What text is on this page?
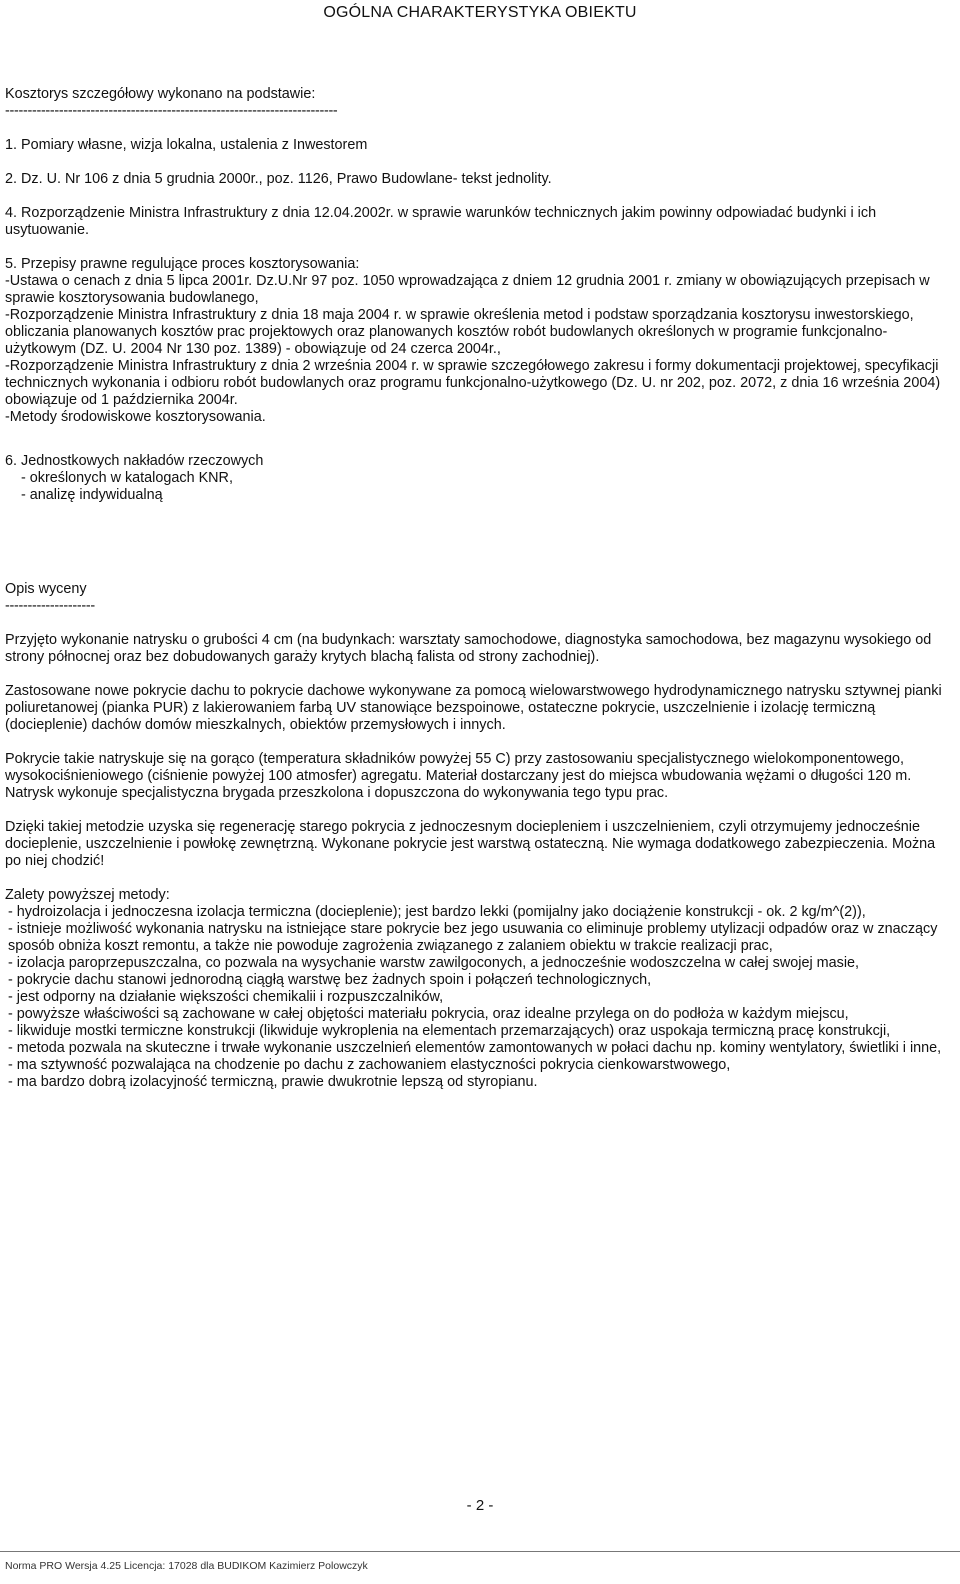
OGÓLNA CHARAKTERYSTYKA OBIEKTU

Kosztorys szczegółowy wykonano na podstawie:

--------------------------------------------------------------------------

1. Pomiary własne, wizja lokalna, ustalenia z Inwestorem

2. Dz. U. Nr 106 z dnia 5 grudnia 2000r., poz. 1126, Prawo Budowlane- tekst jednolity.

4. Rozporządzenie Ministra Infrastruktury z dnia 12.04.2002r. w sprawie warunków technicznych jakim powinny odpowiadać budynki i ich usytuowanie.

5. Przepisy prawne regulujące proces kosztorysowania:

-Ustawa o cenach z dnia 5 lipca 2001r. Dz.U.Nr 97 poz. 1050 wprowadzająca z dniem 12 grudnia 2001 r. zmiany w obowiązujących przepisach w sprawie kosztorysowania budowlanego,

-Rozporządzenie Ministra Infrastruktury z dnia 18 maja 2004 r. w sprawie określenia metod i podstaw sporządzania kosztorysu inwestorskiego, obliczania planowanych kosztów prac projektowych oraz planowanych kosztów robót budowlanych określonych w programie funkcjonalno-użytkowym (DZ. U. 2004 Nr 130 poz. 1389) - obowiązuje od 24 czerca 2004r.,

-Rozporządzenie Ministra Infrastruktury z dnia 2 września 2004 r. w sprawie szczegółowego zakresu i formy dokumentacji projektowej, specyfikacji technicznych wykonania i odbioru robót budowlanych oraz programu funkcjonalno-użytkowego (Dz. U. nr 202, poz. 2072, z dnia 16 września 2004) obowiązuje od 1 października 2004r.

-Metody środowiskowe kosztorysowania.

6. Jednostkowych nakładów rzeczowych

- określonych w katalogach KNR,

- analizę indywidualną

Opis wyceny

--------------------

Przyjęto wykonanie natrysku o grubości 4 cm (na budynkach: warsztaty samochodowe, diagnostyka samochodowa, bez magazynu wysokiego od strony północnej oraz bez dobudowanych garaży krytych blachą falista od strony zachodniej).

Zastosowane nowe pokrycie dachu to pokrycie dachowe wykonywane za pomocą wielowarstwowego hydrodynamicznego natrysku sztywnej pianki poliuretanowej (pianka PUR) z lakierowaniem farbą UV stanowiące bezspoinowe, ostateczne pokrycie, uszczelnienie i izolację termiczną (docieplenie) dachów domów mieszkalnych, obiektów przemysłowych i innych.

Pokrycie takie natryskuje się na gorąco (temperatura składników powyżej 55 C) przy zastosowaniu specjalistycznego wielokomponentowego, wysokociśnieniowego (ciśnienie powyżej 100 atmosfer) agregatu. Materiał dostarczany jest do miejsca wbudowania wężami o długości 120 m. Natrysk wykonuje specjalistyczna brygada przeszkolona i dopuszczona do wykonywania tego typu prac.

Dzięki takiej metodzie uzyska się regenerację starego pokrycia z jednoczesnym dociepleniem i uszczelnieniem, czyli otrzymujemy jednocześnie  docieplenie, uszczelnienie i powłokę zewnętrzną. Wykonane pokrycie jest warstwą ostateczną. Nie wymaga dodatkowego zabezpieczenia. Można po niej chodzić!

Zalety powyższej metody:

- hydroizolacja i jednoczesna izolacja termiczna (docieplenie); jest bardzo lekki (pomijalny jako dociążenie konstrukcji - ok. 2 kg/m^(2)),

- istnieje możliwość wykonania natrysku na istniejące stare pokrycie bez jego usuwania co eliminuje problemy utylizacji odpadów oraz w znaczący sposób obniża koszt remontu, a także nie powoduje zagrożenia związanego z zalaniem obiektu w trakcie realizacji prac,

- izolacja paroprzepuszczalna, co pozwala na wysychanie warstw zawilgoconych, a jednocześnie wodoszczelna w całej swojej masie,

- pokrycie dachu stanowi jednorodną ciągłą warstwę bez żadnych spoin i połączeń technologicznych,

- jest odporny na działanie większości chemikalii i rozpuszczalników,

- powyższe właściwości są zachowane w całej objętości materiału pokrycia, oraz idealne przylega on do podłoża w każdym miejscu,

- likwiduje mostki termiczne konstrukcji (likwiduje wykroplenia na elementach przemarzających) oraz uspokaja termiczną pracę konstrukcji,

- metoda pozwala na skuteczne i trwałe wykonanie uszczelnień elementów zamontowanych w połaci dachu np. kominy wentylatory, świetliki i inne,

- ma sztywność pozwalająca na chodzenie po dachu z zachowaniem elastyczności pokrycia cienkowarstwowego,

- ma bardzo dobrą izolacyjność termiczną, prawie dwukrotnie lepszą od styropianu.

- 2 -
Norma PRO Wersja 4.25 Licencja: 17028 dla BUDIKOM Kazimierz Polowczyk
